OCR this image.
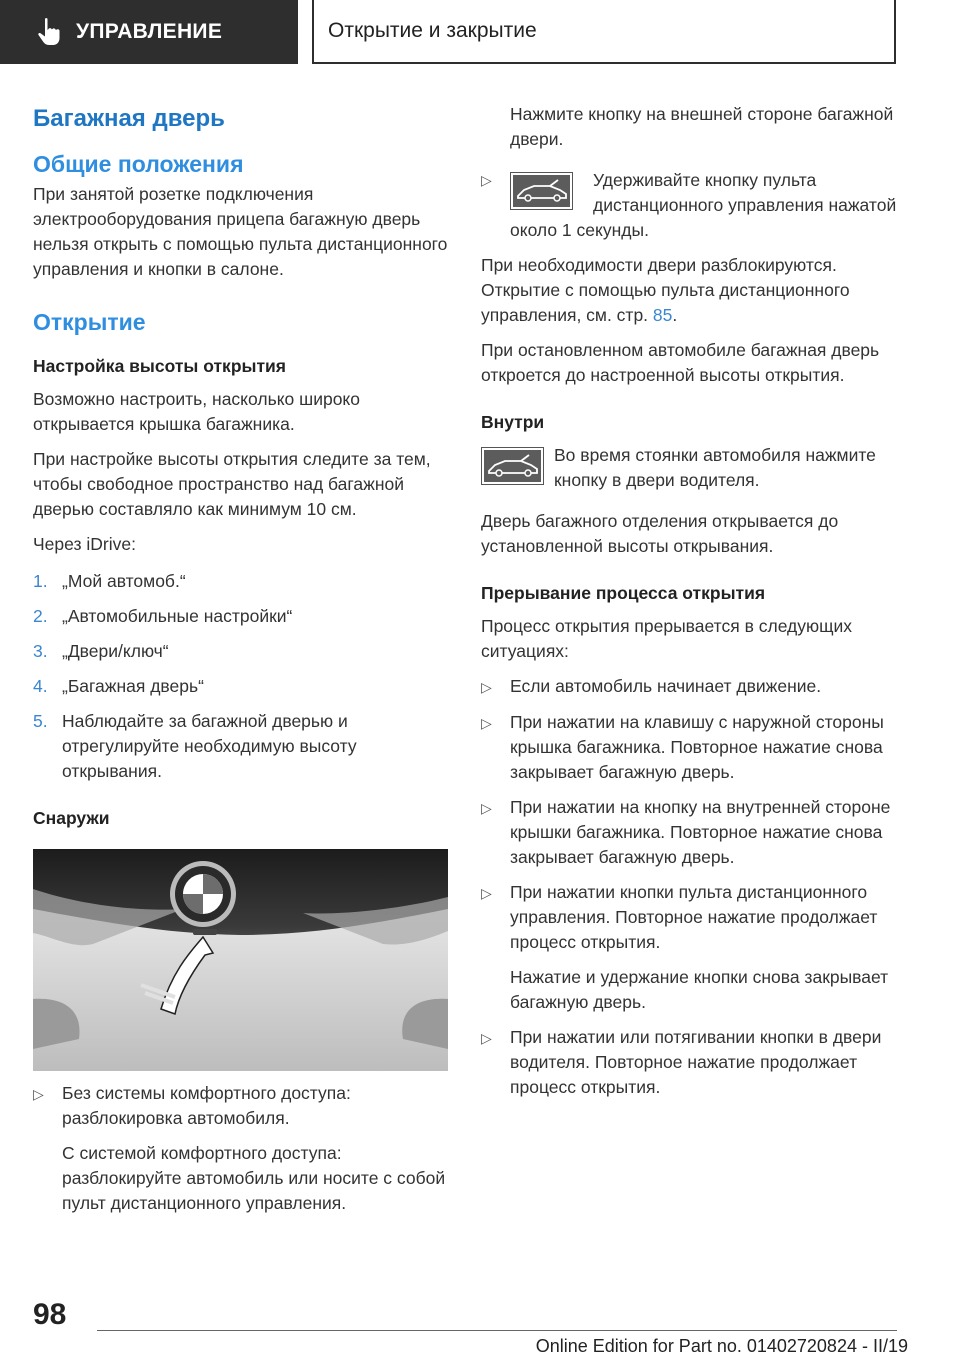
УПРАВЛЕНИЕ	Открытие и закрытие
Багажная дверь
Общие положения

При занятой розетке подключения электрооборудования прицепа багажную дверь нельзя открыть с помощью пульта дистанционного управления и кнопки в салоне.

Открытие
Настройка высоты открытия

Возможно настроить, насколько широко открывается крышка багажника.

При настройке высоты открытия следите за тем, чтобы свободное пространство над багажной дверью составляло как минимум 10 см.

Через iDrive:

1. „Мой автомоб.“
2. „Автомобильные настройки“
3. „Двери/ключ“
4. „Багажная дверь“
5. Наблюдайте за багажной дверью и отрегулируйте необходимую высоту открывания.
Снаружи
▷	Без системы комфортного доступа: разблокировка автомобиля.

С системой комфортного доступа: разблокируйте автомобиль или носите с собой пульт дистанционного управления.

Нажмите кнопку на внешней стороне багажной двери.

▷	Удерживайте кнопку пульта дистанционного управления нажатой около 1 секунды.

При необходимости двери разблокируются.

Открытие с помощью пульта дистанционного управления, см. стр. 85.

При остановленном автомобиле багажная дверь откроется до настроенной высоты открытия.

Внутри

Во время стоянки автомобиля нажмите кнопку в двери водителя.

Дверь багажного отделения открывается до установленной высоты открывания.

Прерывание процесса открытия

Процесс открытия прерывается в следующих ситуациях:

▷	Если автомобиль начинает движение.
▷	При нажатии на клавишу с наружной стороны крышка багажника. Повторное нажатие снова закрывает багажную дверь.
▷	При нажатии на кнопку на внутренней стороне крышки багажника. Повторное нажатие снова закрывает багажную дверь.
▷	При нажатии кнопки пульта дистанционного управления. Повторное нажатие продолжает процесс открытия.

Нажатие и удержание кнопки снова закрывает багажную дверь.

▷	При нажатии или потягивании кнопки в двери водителя. Повторное нажатие продолжает процесс открытия.
98
Online Edition for Part no. 01402720824 - II/19
